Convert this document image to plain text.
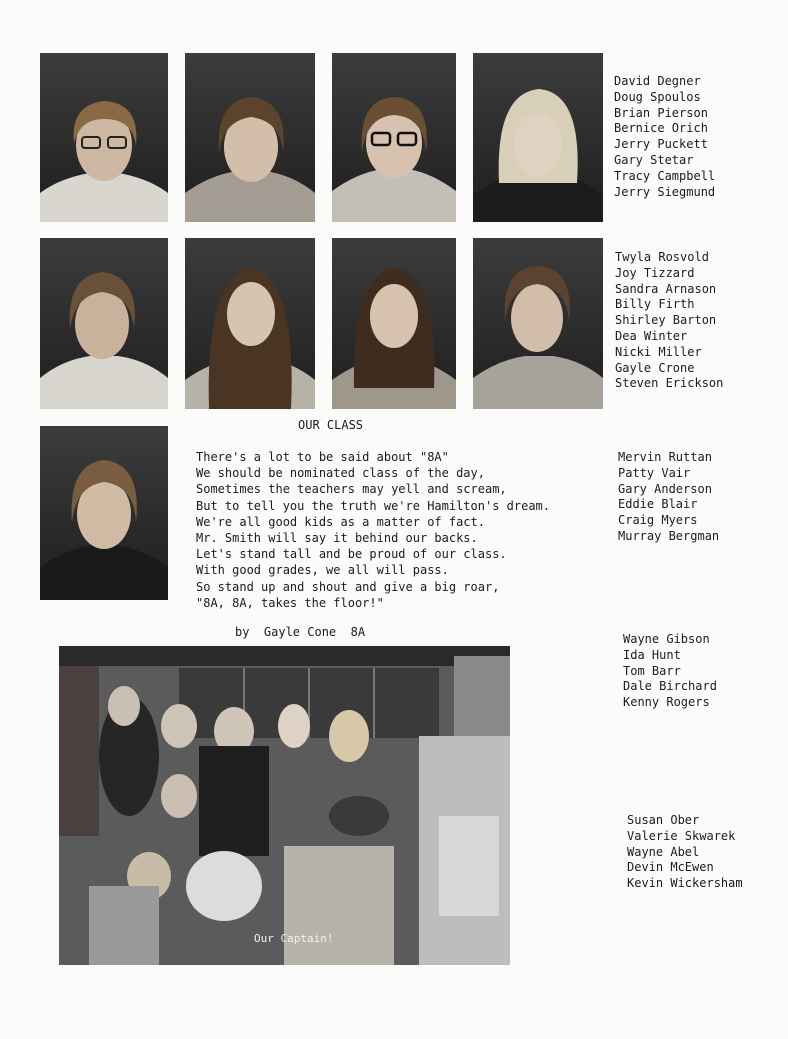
David Degner
Doug Spoulos
Brian Pierson
Bernice Orich
Jerry Puckett
Gary Stetar
Tracy Campbell
Jerry Siegmund
Twyla Rosvold
Joy Tizzard
Sandra Arnason
Billy Firth
Shirley Barton
Dea Winter
Nicki Miller
Gayle Crone
Steven Erickson
Mervin Ruttan
Patty Vair
Gary Anderson
Eddie Blair
Craig Myers
Murray Bergman
Wayne Gibson
Ida Hunt
Tom Barr
Dale Birchard
Kenny Rogers
Susan Ober
Valerie Skwarek
Wayne Abel
Devin McEwen
Kevin Wickersham
OUR CLASS
There's a lot to be said about "8A"
We should be nominated class of the day,
Sometimes the teachers may yell and scream,
But to tell you the truth we're Hamilton's dream.
We're all good kids as a matter of fact.
Mr. Smith will say it behind our backs.
Let's stand tall and be proud of our class.
With good grades, we all will pass.
So stand up and shout and give a big roar,
"8A, 8A, takes the floor!"
by  Gayle Cone  8A
Our Captain!
